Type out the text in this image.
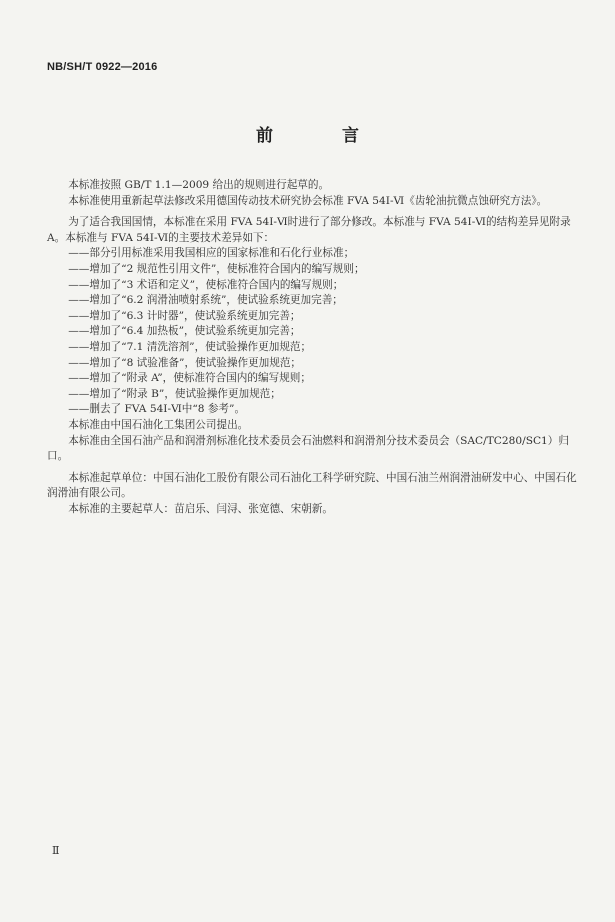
NB/SH/T 0922—2016
前　言

本标准按照 GB/T 1.1—2009 给出的规则进行起草的。

本标准使用重新起草法修改采用德国传动技术研究协会标准 FVA 54Ⅰ-Ⅵ《齿轮油抗微点蚀研究方法》。

为了适合我国国情，本标准在采用 FVA 54Ⅰ-Ⅵ时进行了部分修改。本标准与 FVA 54Ⅰ-Ⅵ的结构差异见附录 A。本标准与 FVA 54Ⅰ-Ⅵ的主要技术差异如下：

——部分引用标准采用我国相应的国家标准和石化行业标准；

——增加了“2 规范性引用文件”，使标准符合国内的编写规则；

——增加了“3 术语和定义”，使标准符合国内的编写规则；

——增加了“6.2 润滑油喷射系统”，使试验系统更加完善；

——增加了“6.3 计时器”，使试验系统更加完善；

——增加了“6.4 加热板”，使试验系统更加完善；

——增加了“7.1 清洗溶剂”，使试验操作更加规范；

——增加了“8 试验准备”，使试验操作更加规范；

——增加了“附录 A”，使标准符合国内的编写规则；

——增加了“附录 B”，使试验操作更加规范；

——删去了 FVA 54Ⅰ-Ⅵ中“8 参考”。

本标准由中国石油化工集团公司提出。

本标准由全国石油产品和润滑剂标准化技术委员会石油燃料和润滑剂分技术委员会（SAC/TC280/SC1）归口。

本标准起草单位：中国石油化工股份有限公司石油化工科学研究院、中国石油兰州润滑油研发中心、中国石化润滑油有限公司。

本标准的主要起草人：苗启乐、闫浔、张宽德、宋朝新。

Ⅱ
